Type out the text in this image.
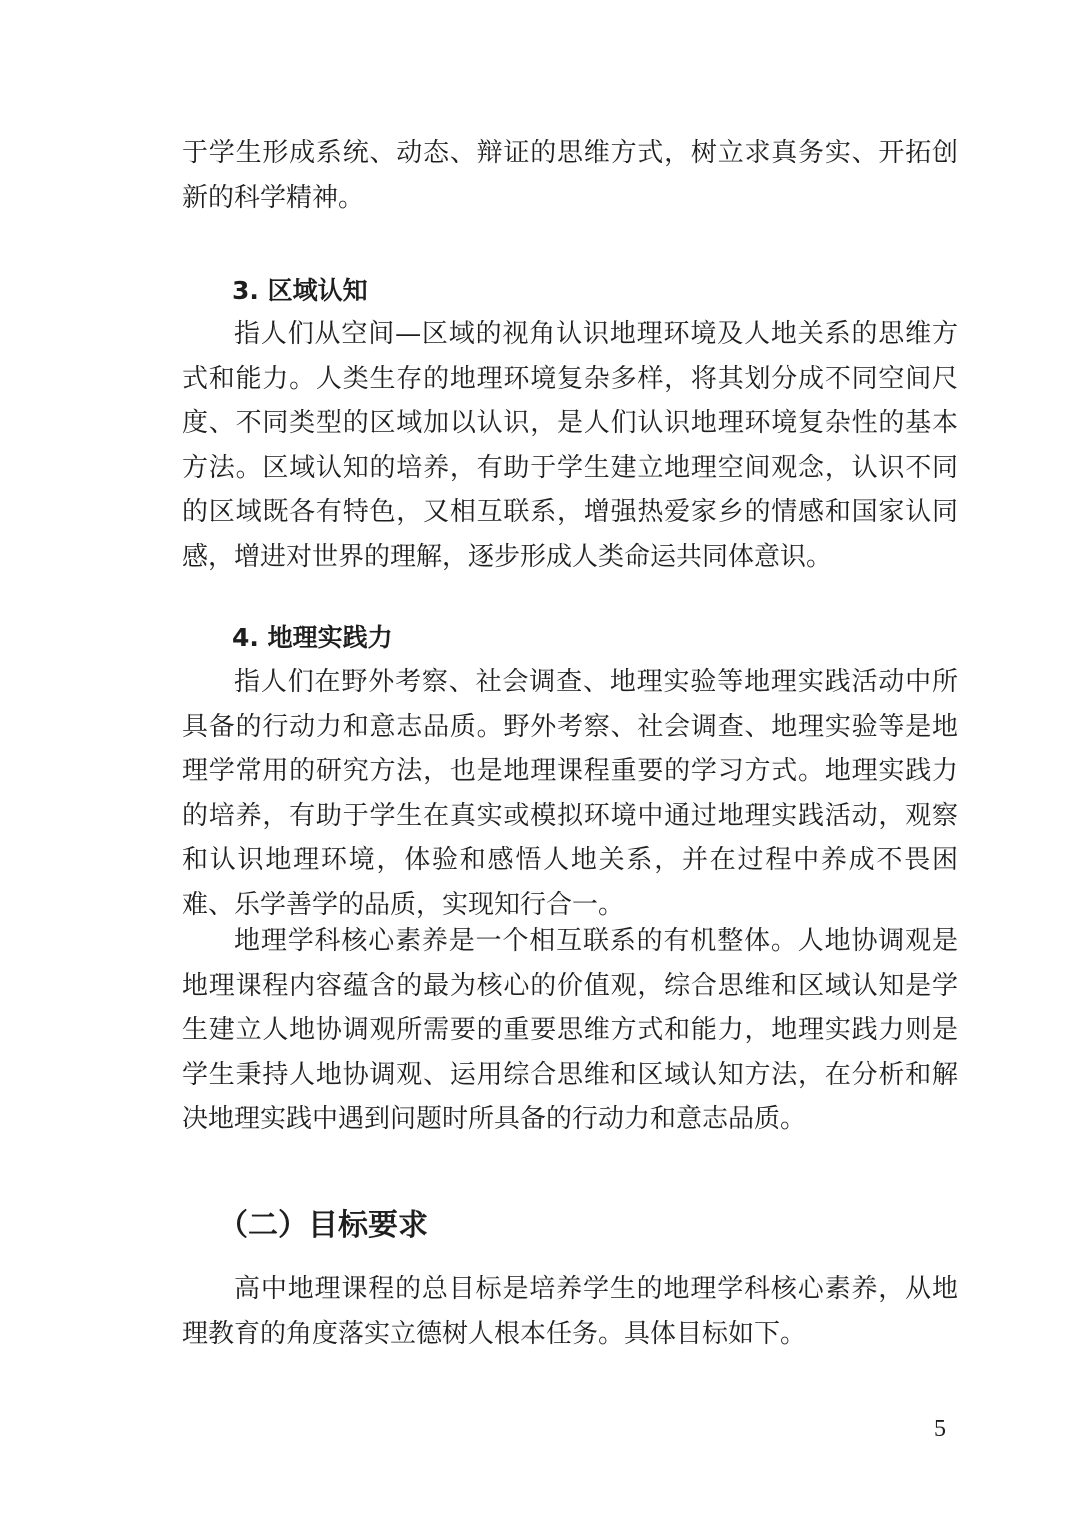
于学生形成系统、动态、辩证的思维方式，树立求真务实、开拓创新的科学精神。

3. 区域认知

指人们从空间—区域的视角认识地理环境及人地关系的思维方式和能力。人类生存的地理环境复杂多样，将其划分成不同空间尺度、不同类型的区域加以认识，是人们认识地理环境复杂性的基本方法。区域认知的培养，有助于学生建立地理空间观念，认识不同的区域既各有特色，又相互联系，增强热爱家乡的情感和国家认同感，增进对世界的理解，逐步形成人类命运共同体意识。

4. 地理实践力

指人们在野外考察、社会调查、地理实验等地理实践活动中所具备的行动力和意志品质。野外考察、社会调查、地理实验等是地理学常用的研究方法，也是地理课程重要的学习方式。地理实践力的培养，有助于学生在真实或模拟环境中通过地理实践活动，观察和认识地理环境，体验和感悟人地关系，并在过程中养成不畏困难、乐学善学的品质，实现知行合一。

地理学科核心素养是一个相互联系的有机整体。人地协调观是地理课程内容蕴含的最为核心的价值观，综合思维和区域认知是学生建立人地协调观所需要的重要思维方式和能力，地理实践力则是学生秉持人地协调观、运用综合思维和区域认知方法，在分析和解决地理实践中遇到问题时所具备的行动力和意志品质。

（二）目标要求

高中地理课程的总目标是培养学生的地理学科核心素养，从地理教育的角度落实立德树人根本任务。具体目标如下。

5
